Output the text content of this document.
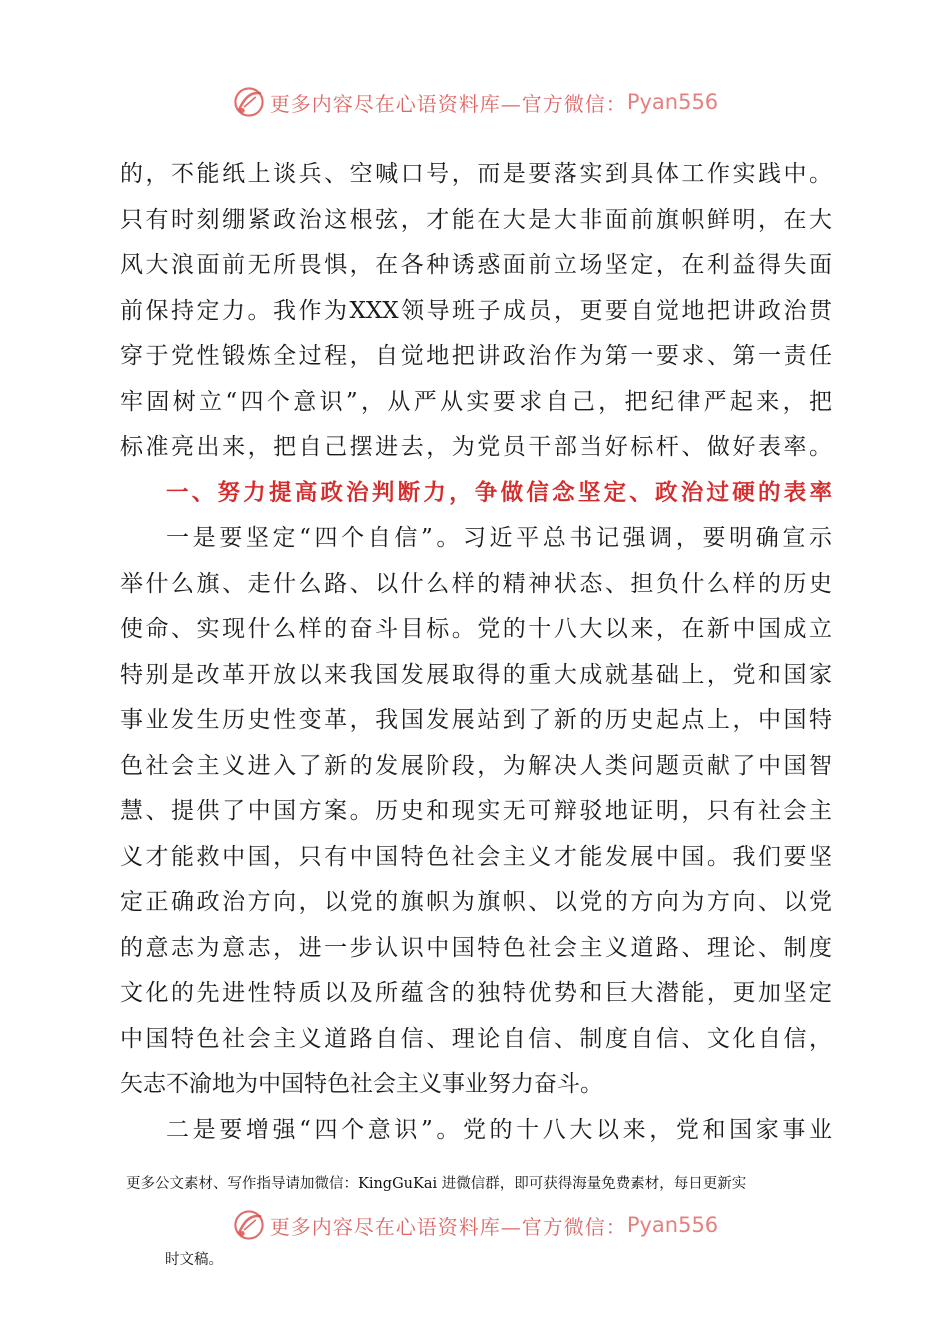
更多内容尽在心语资料库—官方微信： Pyan556
的，不能纸上谈兵、空喊口号，而是要落实到具体工作实践中。
只有时刻绷紧政治这根弦，才能在大是大非面前旗帜鲜明，在大
风大浪面前无所畏惧，在各种诱惑面前立场坚定，在利益得失面
前保持定力。我作为XXX领导班子成员，更要自觉地把讲政治贯
穿于党性锻炼全过程，自觉地把讲政治作为第一要求、第一责任
牢固树立“四个意识”，从严从实要求自己，把纪律严起来，把
标准亮出来，把自己摆进去，为党员干部当好标杆、做好表率。
一、努力提高政治判断力，争做信念坚定、政治过硬的表率
一是要坚定“四个自信”。习近平总书记强调，要明确宣示
举什么旗、走什么路、以什么样的精神状态、担负什么样的历史
使命、实现什么样的奋斗目标。党的十八大以来，在新中国成立
特别是改革开放以来我国发展取得的重大成就基础上，党和国家
事业发生历史性变革，我国发展站到了新的历史起点上，中国特
色社会主义进入了新的发展阶段，为解决人类问题贡献了中国智
慧、提供了中国方案。历史和现实无可辩驳地证明，只有社会主
义才能救中国，只有中国特色社会主义才能发展中国。我们要坚
定正确政治方向，以党的旗帜为旗帜、以党的方向为方向、以党
的意志为意志，进一步认识中国特色社会主义道路、理论、制度
文化的先进性特质以及所蕴含的独特优势和巨大潜能，更加坚定
中国特色社会主义道路自信、理论自信、制度自信、文化自信，
矢志不渝地为中国特色社会主义事业努力奋斗。
二是要增强“四个意识”。党的十八大以来，党和国家事业
更多公文素材、写作指导请加微信：KingGuKai 进微信群，即可获得海量免费素材，每日更新实
更多内容尽在心语资料库—官方微信： Pyan556
时文稿。
